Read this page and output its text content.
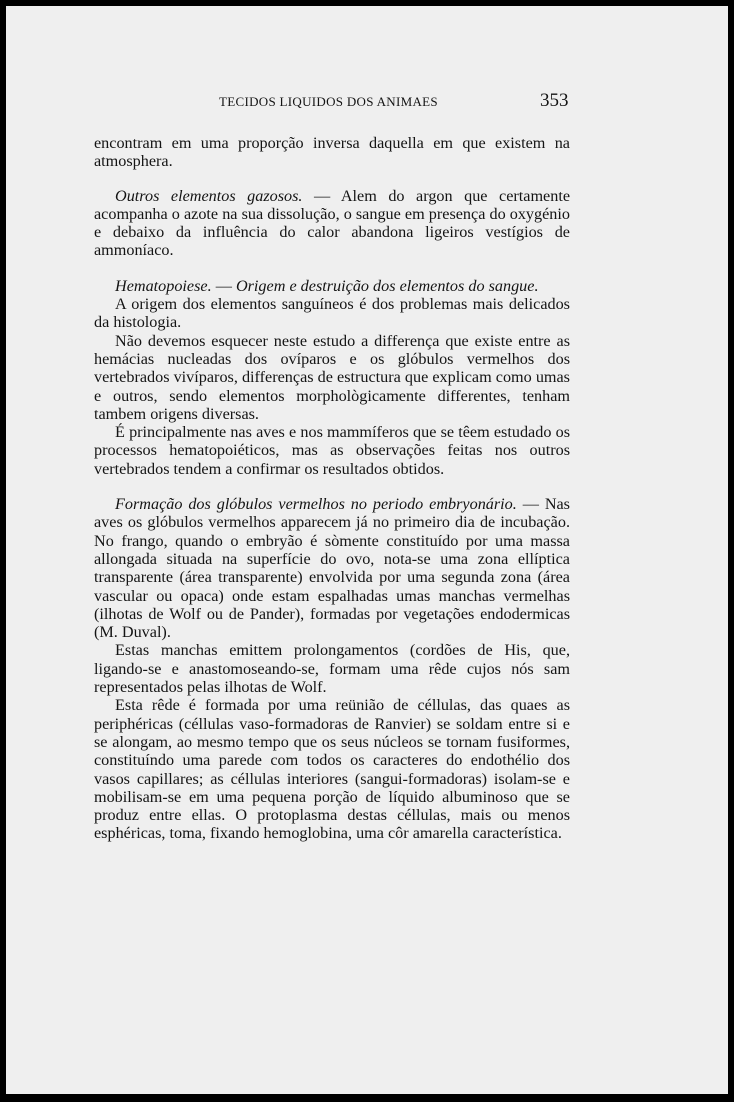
TECIDOS LIQUIDOS DOS ANIMAES	353

encontram em uma proporção inversa daquella em que existem na atmosphera.

Outros elementos gazosos. — Alem do argon que certamente acompanha o azote na sua dissolução, o sangue em presença do oxygénio e debaixo da influência do calor abandona ligeiros vestígios de ammoníaco.

Hematopoiese. — Origem e destruição dos elementos do sangue.

A origem dos elementos sanguíneos é dos problemas mais delicados da histologia.

Não devemos esquecer neste estudo a differença que existe entre as hemácias nucleadas dos ovíparos e os glóbulos vermelhos dos vertebrados vivíparos, differenças de estructura que explicam como umas e outros, sendo elementos morphològicamente differentes, tenham tambem origens diversas.

É principalmente nas aves e nos mammíferos que se têem estudado os processos hematopoiéticos, mas as observações feitas nos outros vertebrados tendem a confirmar os resultados obtidos.

Formação dos glóbulos vermelhos no periodo embryonário. — Nas aves os glóbulos vermelhos apparecem já no primeiro dia de incubação. No frango, quando o embryão é sòmente constituído por uma massa allongada situada na superfície do ovo, nota-se uma zona ellíptica transparente (área transparente) envolvida por uma segunda zona (área vascular ou opaca) onde estam espalhadas umas manchas vermelhas (ilhotas de Wolf ou de Pander), formadas por vegetações endodermicas (M. Duval).

Estas manchas emittem prolongamentos (cordões de His, que, ligando-se e anastomoseando-se, formam uma rêde cujos nós sam representados pelas ilhotas de Wolf.

Esta rêde é formada por uma reünião de céllulas, das quaes as periphéricas (céllulas vaso-formadoras de Ranvier) se soldam entre si e se alongam, ao mesmo tempo que os seus núcleos se tornam fusiformes, constituíndo uma parede com todos os caracteres do endothélio dos vasos capillares; as céllulas interiores (sangui-formadoras) isolam-se e mobilisam-se em uma pequena porção de líquido albuminoso que se produz entre ellas. O protoplasma destas céllulas, mais ou menos esphéricas, toma, fixando hemoglobina, uma côr amarella característica.
